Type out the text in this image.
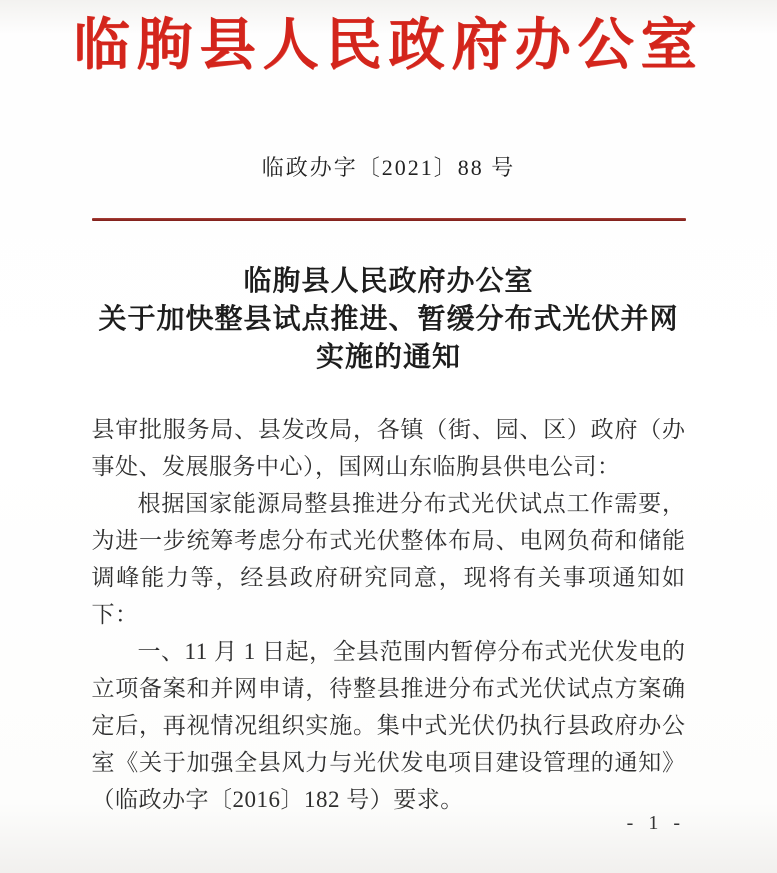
临朐县人民政府办公室
临政办字〔2021〕88 号
临朐县人民政府办公室
关于加快整县试点推进、暂缓分布式光伏并网
实施的通知

县审批服务局、县发改局，各镇（街、园、区）政府（办事处、发展服务中心），国网山东临朐县供电公司：

根据国家能源局整县推进分布式光伏试点工作需要，为进一步统筹考虑分布式光伏整体布局、电网负荷和储能调峰能力等，经县政府研究同意，现将有关事项通知如下：

一、11 月 1 日起，全县范围内暂停分布式光伏发电的立项备案和并网申请，待整县推进分布式光伏试点方案确定后，再视情况组织实施。集中式光伏仍执行县政府办公室《关于加强全县风力与光伏发电项目建设管理的通知》（临政办字〔2016〕182 号）要求。

- 1 -
